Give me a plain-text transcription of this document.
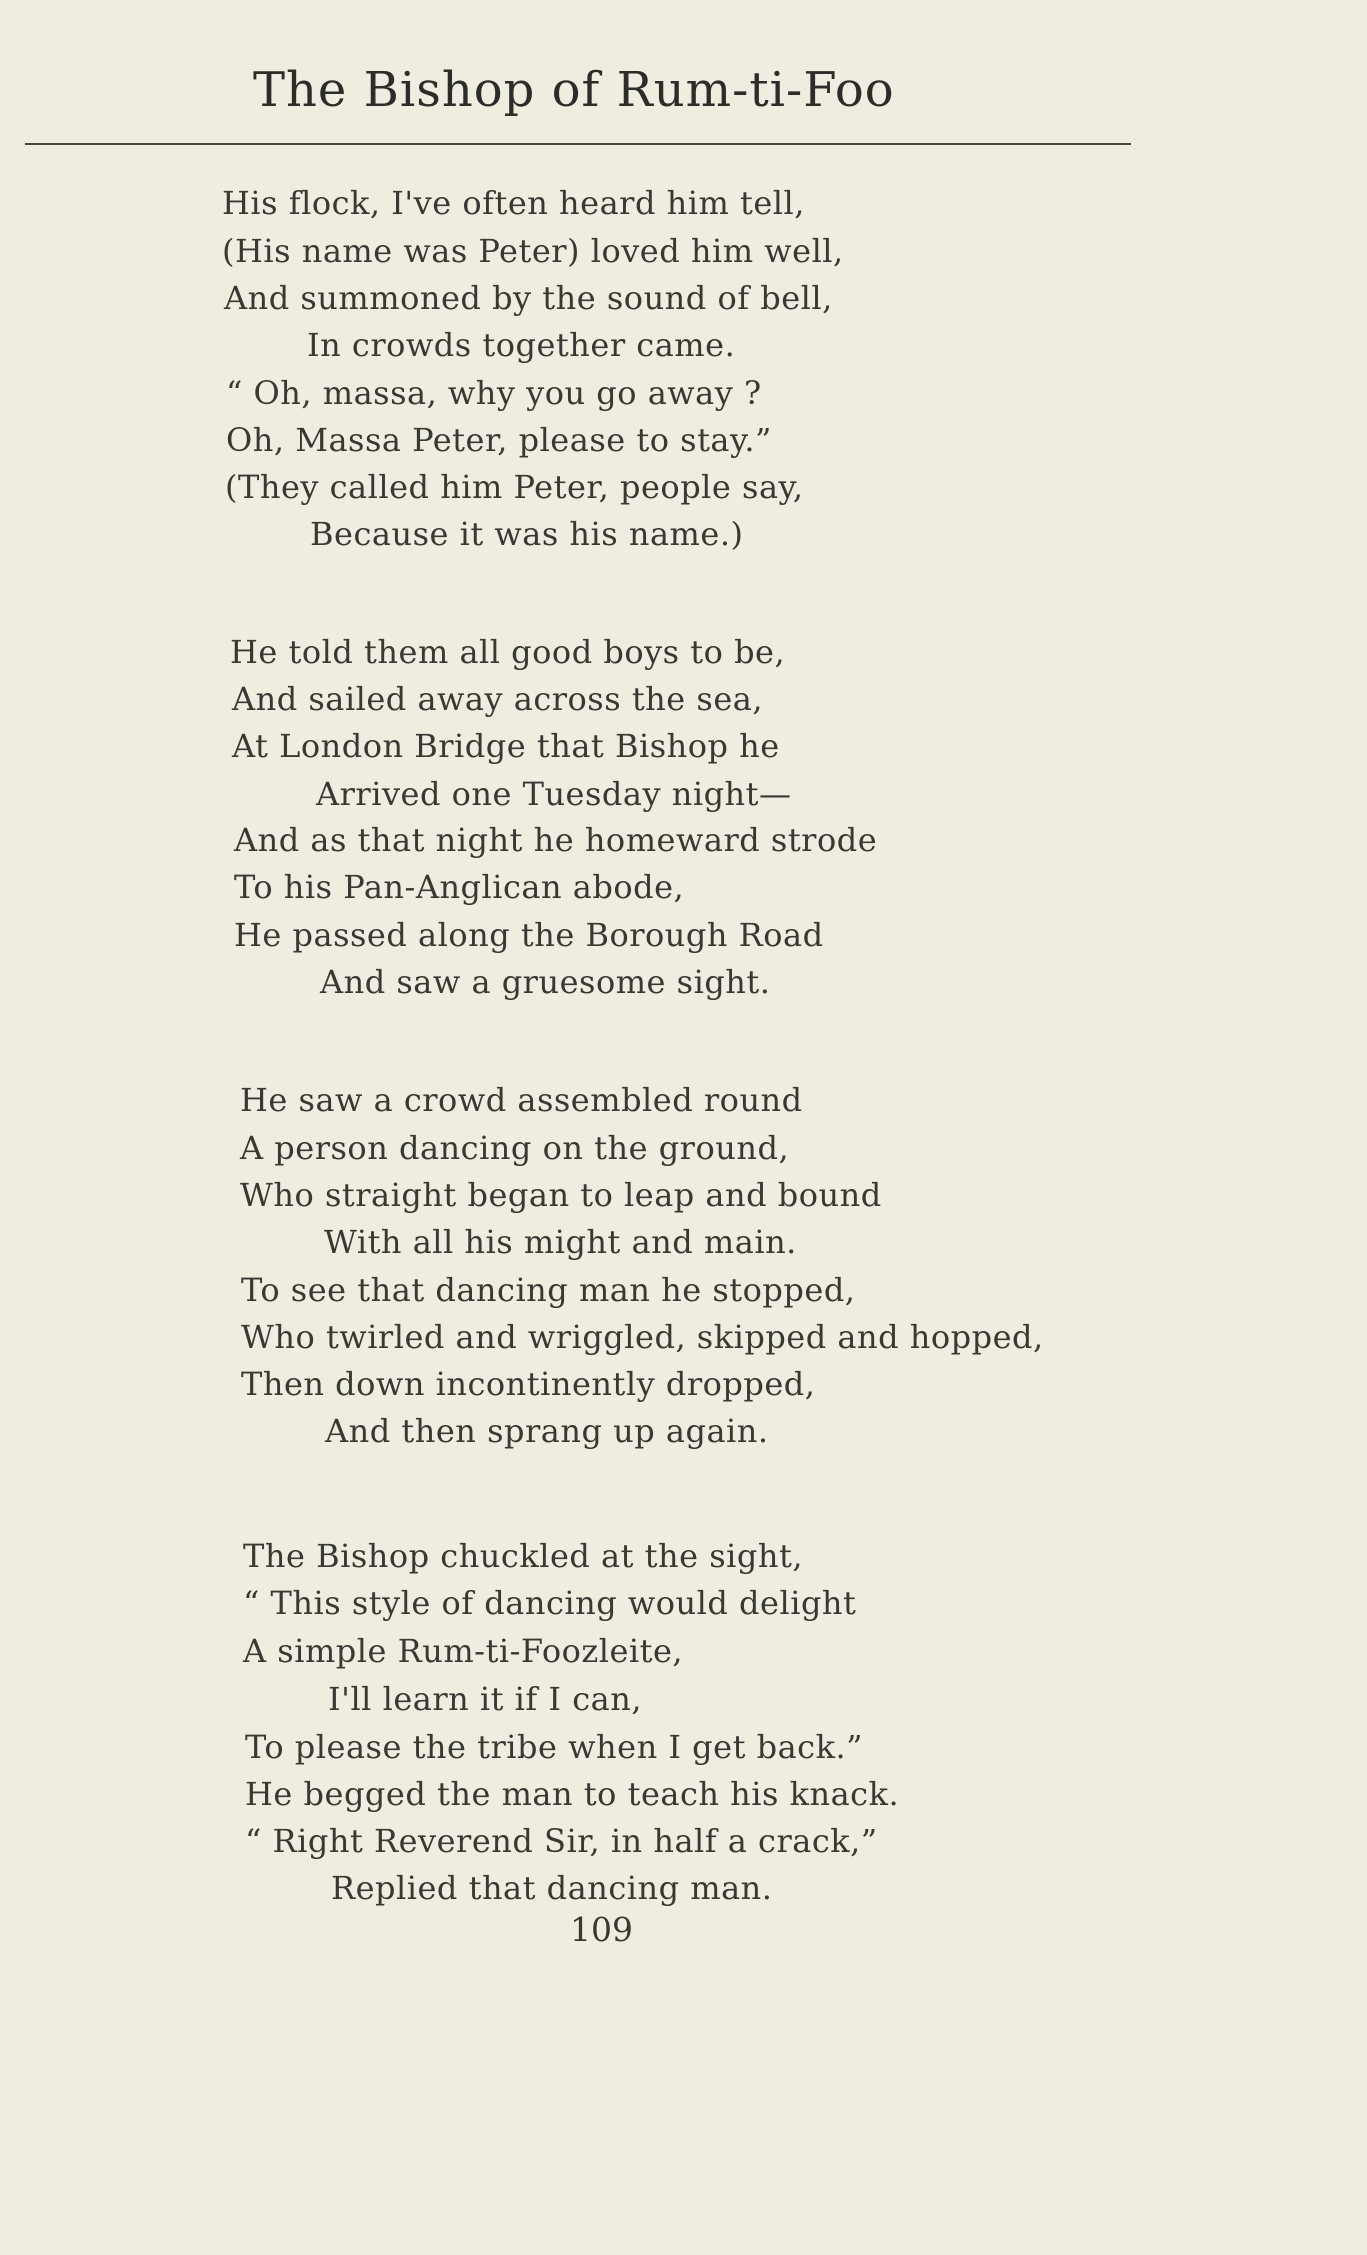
The Bishop of Rum-ti-Foo
His flock, I've often heard him tell,
(His name was Peter) loved him well,
And summoned by the sound of bell,
In crowds together came.
“ Oh, massa, why you go away ?
Oh, Massa Peter, please to stay.”
(They called him Peter, people say,
Because it was his name.)
He told them all good boys to be,
And sailed away across the sea,
At London Bridge that Bishop he
Arrived one Tuesday night—
And as that night he homeward strode
To his Pan-Anglican abode,
He passed along the Borough Road
And saw a gruesome sight.
He saw a crowd assembled round
A person dancing on the ground,
Who straight began to leap and bound
With all his might and main.
To see that dancing man he stopped,
Who twirled and wriggled, skipped and hopped,
Then down incontinently dropped,
And then sprang up again.
The Bishop chuckled at the sight,
“ This style of dancing would delight
A simple Rum-ti-Foozleite,
I'll learn it if I can,
To please the tribe when I get back.”
He begged the man to teach his knack.
“ Right Reverend Sir, in half a crack,”
Replied that dancing man.
109
